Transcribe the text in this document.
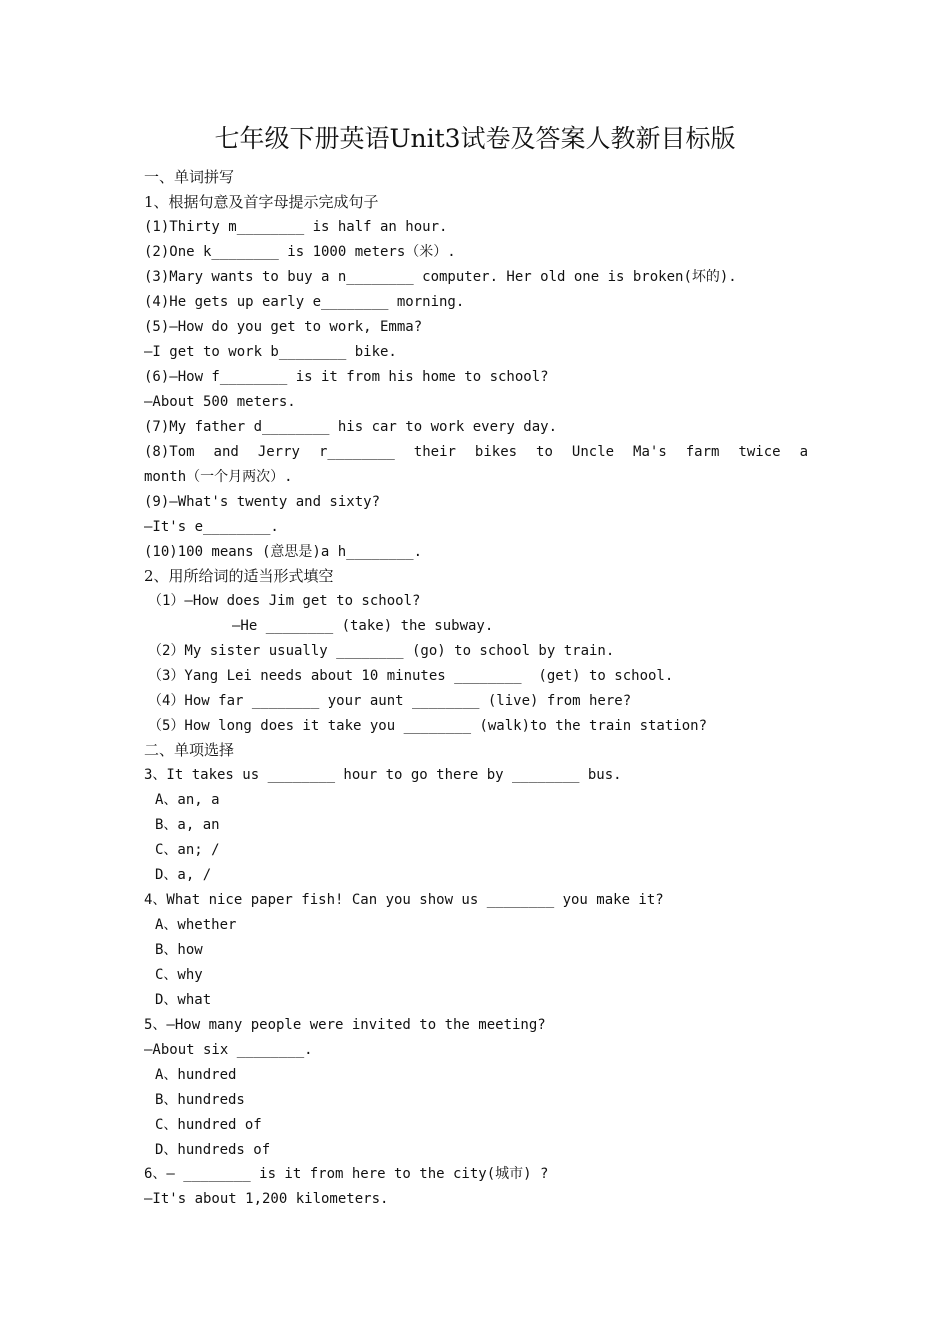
七年级下册英语Unit3试卷及答案人教新目标版
一、单词拼写
1、根据句意及首字母提示完成句子
(1)Thirty m________ is half an hour.
(2)One k________ is 1000 meters（米）.
(3)Mary wants to buy a n________ computer. Her old one is broken(坏的).
(4)He gets up early e________ morning.
(5)—How do you get to work, Emma?
—I get to work b________ bike.
(6)—How f________ is it from his home to school?
—About 500 meters.
(7)My father d________ his car to work every day.
(8)Tom and Jerry r________ their bikes to Uncle Ma's farm twice a
month（一个月两次）.
(9)—What's twenty and sixty?
—It's e________.
(10)100 means (意思是)a h________.
2、用所给词的适当形式填空
（1）—How does Jim get to school?
—He ________ (take) the subway.
（2）My sister usually ________ (go) to school by train.
（3）Yang Lei needs about 10 minutes ________  (get) to school.
（4）How far ________ your aunt ________ (live) from here?
（5）How long does it take you ________ (walk)to the train station?
二、单项选择
3、It takes us ________ hour to go there by ________ bus.
A、an, a
B、a, an
C、an; /
D、a, /
4、What nice paper fish! Can you show us ________ you make it?
A、whether
B、how
C、why
D、what
5、—How many people were invited to the meeting?
—About six ________.
A、hundred
B、hundreds
C、hundred of
D、hundreds of
6、— ________ is it from here to the city(城市) ?
—It's about 1,200 kilometers.
